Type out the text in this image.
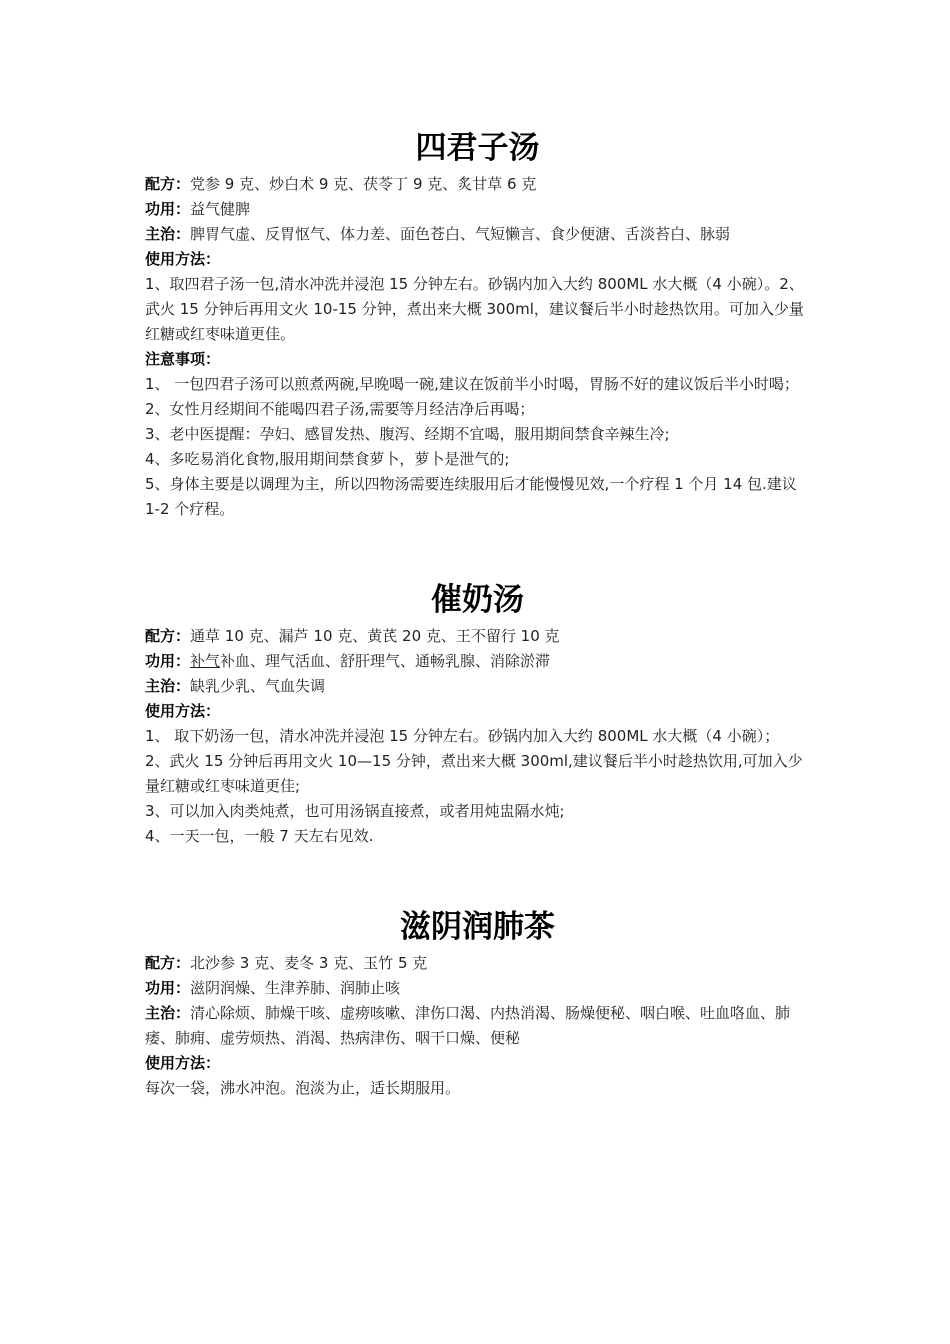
四君子汤

配方：党参 9 克、炒白术 9 克、茯苓丁 9 克、炙甘草 6 克

功用：益气健脾

主治：脾胃气虚、反胃怄气、体力差、面色苍白、气短懒言、食少便溏、舌淡苔白、脉弱

使用方法：

1、取四君子汤一包,清水冲洗并浸泡 15 分钟左右。砂锅内加入大约 800ML 水大概（4 小碗）。2、武火 15 分钟后再用文火 10-15 分钟，煮出来大概 300ml，建议餐后半小时趁热饮用。可加入少量红糖或红枣味道更佳。

注意事项：

1、 一包四君子汤可以煎煮两碗,早晚喝一碗,建议在饭前半小时喝，胃肠不好的建议饭后半小时喝；

2、女性月经期间不能喝四君子汤,需要等月经洁净后再喝；

3、老中医提醒：孕妇、感冒发热、腹泻、经期不宜喝，服用期间禁食辛辣生冷;

4、多吃易消化食物,服用期间禁食萝卜，萝卜是泄气的;

5、身体主要是以调理为主，所以四物汤需要连续服用后才能慢慢见效,一个疗程 1 个月 14 包.建议 1-2 个疗程。

催奶汤

配方：通草 10 克、漏芦 10 克、黄芪 20 克、王不留行 10 克

功用：补气补血、理气活血、舒肝理气、通畅乳腺、消除淤滞

主治：缺乳少乳、气血失调

使用方法：

1、 取下奶汤一包，清水冲洗并浸泡 15 分钟左右。砂锅内加入大约 800ML 水大概（4 小碗）；

2、武火 15 分钟后再用文火 10—15 分钟，煮出来大概 300ml,建议餐后半小时趁热饮用,可加入少量红糖或红枣味道更佳;

3、可以加入肉类炖煮，也可用汤锅直接煮，或者用炖盅隔水炖;

4、一天一包，一般 7 天左右见效.

滋阴润肺茶

配方：北沙参 3 克、麦冬 3 克、玉竹 5 克

功用：滋阴润燥、生津养肺、润肺止咳

主治：清心除烦、肺燥干咳、虚痨咳嗽、津伤口渴、内热消渴、肠燥便秘、咽白喉、吐血咯血、肺痿、肺痈、虚劳烦热、消渴、热病津伤、咽干口燥、便秘

使用方法：

每次一袋，沸水冲泡。泡淡为止，适长期服用。
